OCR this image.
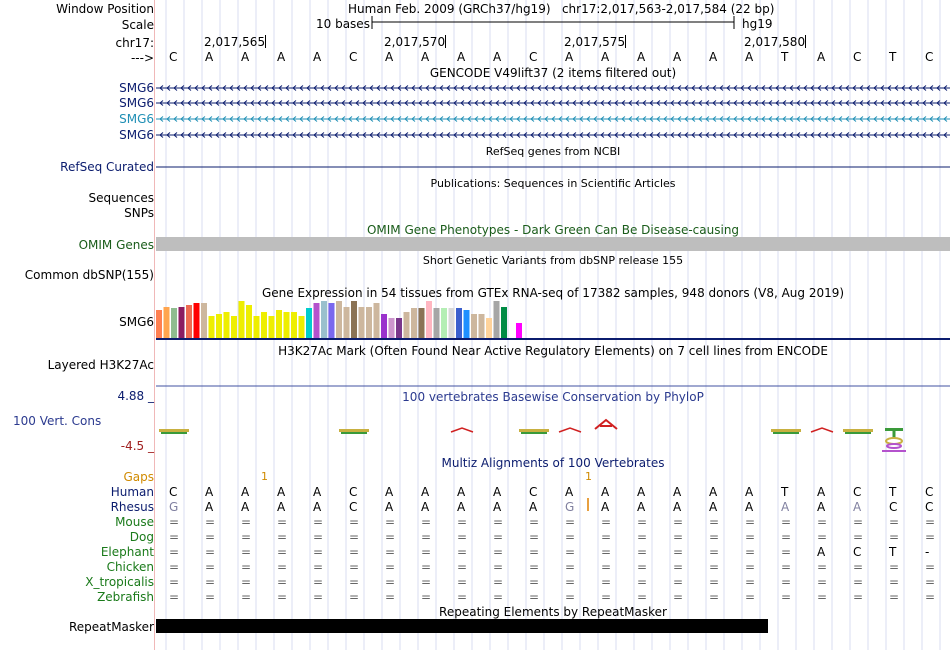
Window Position	Human Feb. 2009 (GRCh37/hg19)   chr17:2,017,563-2,017,584 (22 bp)
Scale	10 bases	hg19
chr17:	2,017,565	2,017,570	2,017,575	2,017,580
---> C A A A A C A A A A C A A A A A A T A C T C
GENCODE V49lift37 (2 items filtered out)
SMG6
SMG6
SMG6
SMG6
RefSeq genes from NCBI
RefSeq Curated
Publications: Sequences in Scientific Articles
Sequences
SNPs
OMIM Gene Phenotypes - Dark Green Can Be Disease-causing
OMIM Genes
Short Genetic Variants from dbSNP release 155
Common dbSNP(155)
Gene Expression in 54 tissues from GTEx RNA-seq of 17382 samples, 948 donors (V8, Aug 2019)
SMG6
H3K27Ac Mark (Often Found Near Active Regulatory Elements) on 7 cell lines from ENCODE
Layered H3K27Ac
4.88 _	100 vertebrates Basewise Conservation by PhyloP
100 Vert. Cons
-4.5 _
Multiz Alignments of 100 Vertebrates
Gaps	1	1
Human C A A A A C A A A A C A A A A A A T A C T C
Rhesus G A A A A C A A A A A G A A A A A A A A C C
Mouse = = = = = = = = = = = = = = = = = = = = = =
Dog = = = = = = = = = = = = = = = = = = = = = =
Elephant = = = = = = = = = = = = = = = = = = A C T -
Chicken = = = = = = = = = = = = = = = = = = = = = =
X_tropicalis = = = = = = = = = = = = = = = = = = = = = =
Zebrafish = = = = = = = = = = = = = = = = = = = = = =
Repeating Elements by RepeatMasker
RepeatMasker
